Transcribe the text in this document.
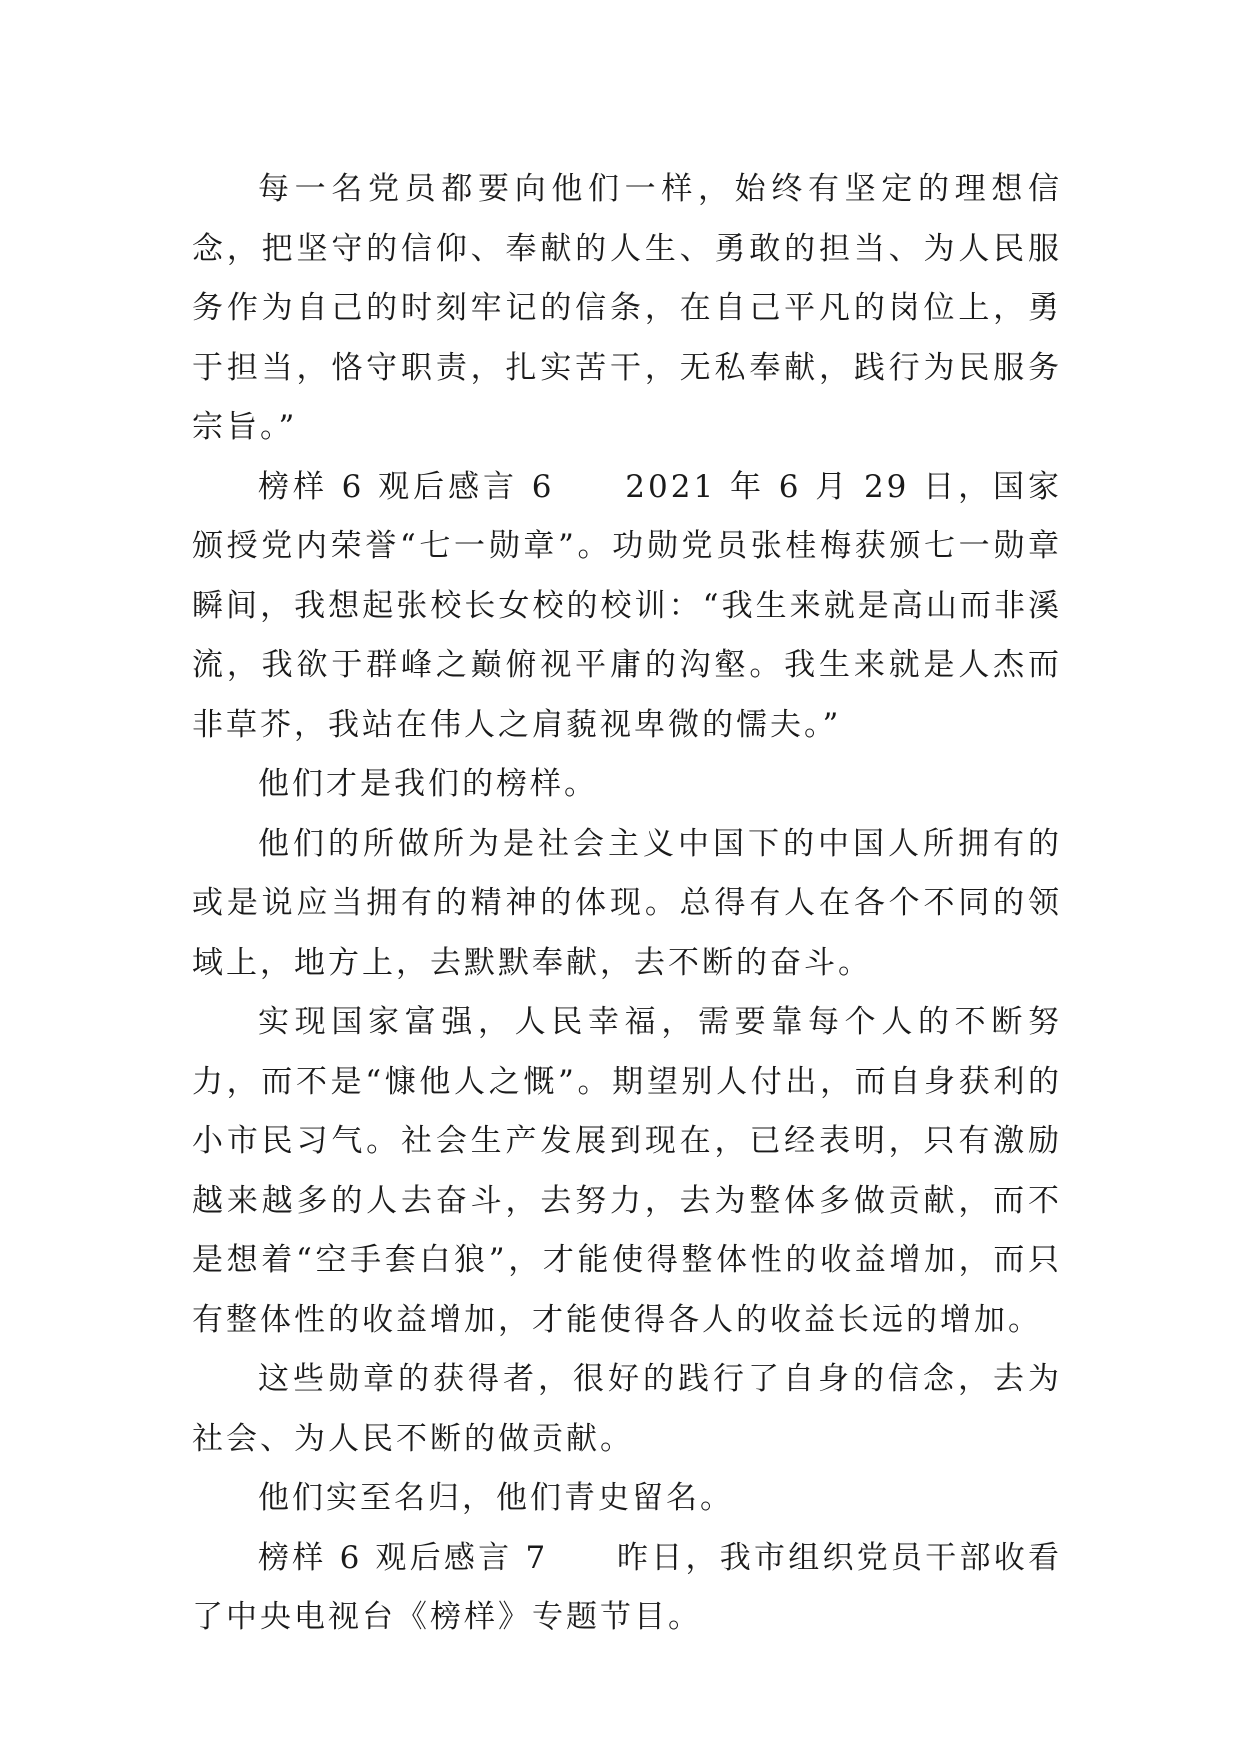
每一名党员都要向他们一样，始终有坚定的理想信念，把坚守的信仰、奉献的人生、勇敢的担当、为人民服务作为自己的时刻牢记的信条，在自己平凡的岗位上，勇于担当，恪守职责，扎实苦干，无私奉献，践行为民服务宗旨。”

榜样 6 观后感言 6　　2021 年 6 月 29 日，国家颁授党内荣誉“七一勋章”。功勋党员张桂梅获颁七一勋章瞬间，我想起张校长女校的校训：“我生来就是高山而非溪流，我欲于群峰之巅俯视平庸的沟壑。我生来就是人杰而非草芥，我站在伟人之肩藐视卑微的懦夫。”

他们才是我们的榜样。

他们的所做所为是社会主义中国下的中国人所拥有的或是说应当拥有的精神的体现。总得有人在各个不同的领域上，地方上，去默默奉献，去不断的奋斗。

实现国家富强，人民幸福，需要靠每个人的不断努力，而不是“慷他人之慨”。期望别人付出，而自身获利的小市民习气。社会生产发展到现在，已经表明，只有激励越来越多的人去奋斗，去努力，去为整体多做贡献，而不是想着“空手套白狼”，才能使得整体性的收益增加，而只有整体性的收益增加，才能使得各人的收益长远的增加。

这些勋章的获得者，很好的践行了自身的信念，去为社会、为人民不断的做贡献。

他们实至名归，他们青史留名。

榜样 6 观后感言 7　　昨日，我市组织党员干部收看了中央电视台《榜样》专题节目。
